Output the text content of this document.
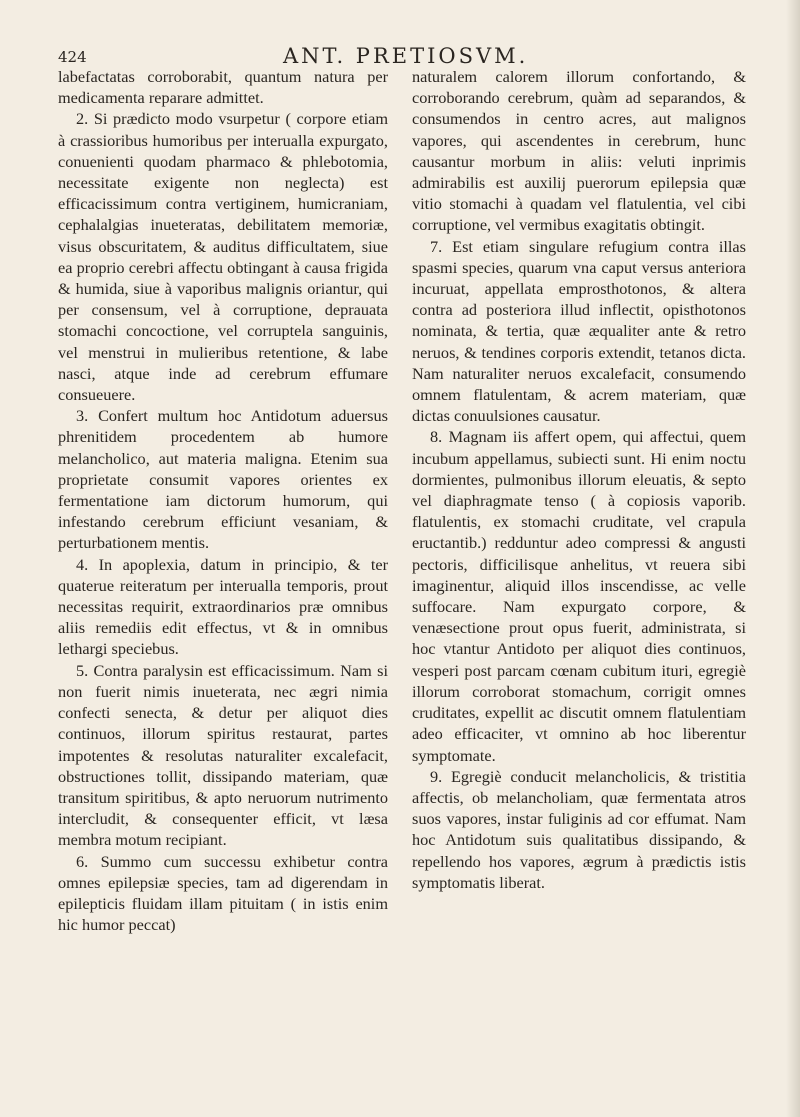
424	ANT. PRETIOSVM.

labefactatas corroborabit, quantum natura per medicamenta reparare admittet.

2. Si prædicto modo vsurpetur ( corpore etiam à crassioribus humoribus per interualla expurgato, conuenienti quodam pharmaco & phlebotomia, necessitate exigente non neglecta) est efficacissimum contra vertiginem, humicraniam, cephalalgias inueteratas, debilitatem memoriæ, visus obscuritatem, & auditus difficultatem, siue ea proprio cerebri affectu obtingant à causa frigida & humida, siue à vaporibus malignis oriantur, qui per consensum, vel à corruptione, deprauata stomachi concoctione, vel corruptela sanguinis, vel menstrui in mulieribus retentione, & labe nasci, atque inde ad cerebrum effumare consueuere.

3. Confert multum hoc Antidotum aduersus phrenitidem procedentem ab humore melancholico, aut materia maligna. Etenim sua proprietate consumit vapores orientes ex fermentatione iam dictorum humorum, qui infestando cerebrum efficiunt vesaniam, & perturbationem mentis.

4. In apoplexia, datum in principio, & ter quaterue reiteratum per interualla temporis, prout necessitas requirit, extraordinarios præ omnibus aliis remediis edit effectus, vt & in omnibus lethargi speciebus.

5. Contra paralysin est efficacissimum. Nam si non fuerit nimis inueterata, nec ægri nimia confecti senecta, & detur per aliquot dies continuos, illorum spiritus restaurat, partes impotentes & resolutas naturaliter excalefacit, obstructiones tollit, dissipando materiam, quæ transitum spiritibus, & apto neruorum nutrimento intercludit, & consequenter efficit, vt læsa membra motum recipiant.

6. Summo cum successu exhibetur contra omnes epilepsiæ species, tam ad digerendam in epilepticis fluidam illam pituitam ( in istis enim hic humor peccat)

naturalem calorem illorum confortando, & corroborando cerebrum, quàm ad separandos, & consumendos in centro acres, aut malignos vapores, qui ascendentes in cerebrum, hunc causantur morbum in aliis: veluti inprimis admirabilis est auxilij puerorum epilepsia quæ vitio stomachi à quadam vel flatulentia, vel cibi corruptione, vel vermibus exagitatis obtingit.

7. Est etiam singulare refugium contra illas spasmi species, quarum vna caput versus anteriora incuruat, appellata emprosthotonos, & altera contra ad posteriora illud inflectit, opisthotonos nominata, & tertia, quæ æqualiter ante & retro neruos, & tendines corporis extendit, tetanos dicta. Nam naturaliter neruos excalefacit, consumendo omnem flatulentam, & acrem materiam, quæ dictas conuulsiones causatur.

8. Magnam iis affert opem, qui affectui, quem incubum appellamus, subiecti sunt. Hi enim noctu dormientes, pulmonibus illorum eleuatis, & septo vel diaphragmate tenso ( à copiosis vaporib. flatulentis, ex stomachi cruditate, vel crapula eructantib.) redduntur adeo compressi & angusti pectoris, difficilisque anhelitus, vt reuera sibi imaginentur, aliquid illos inscendisse, ac velle suffocare. Nam expurgato corpore, & venæsectione prout opus fuerit, administrata, si hoc vtantur Antidoto per aliquot dies continuos, vesperi post parcam cœnam cubitum ituri, egregiè illorum corroborat stomachum, corrigit omnes cruditates, expellit ac discutit omnem flatulentiam adeo efficaciter, vt omnino ab hoc liberentur symptomate.

9. Egregiè conducit melancholicis, & tristitia affectis, ob melancholiam, quæ fermentata atros suos vapores, instar fuliginis ad cor effumat. Nam hoc Antidotum suis qualitatibus dissipando, & repellendo hos vapores, ægrum à prædictis istis symptomatis liberat.
